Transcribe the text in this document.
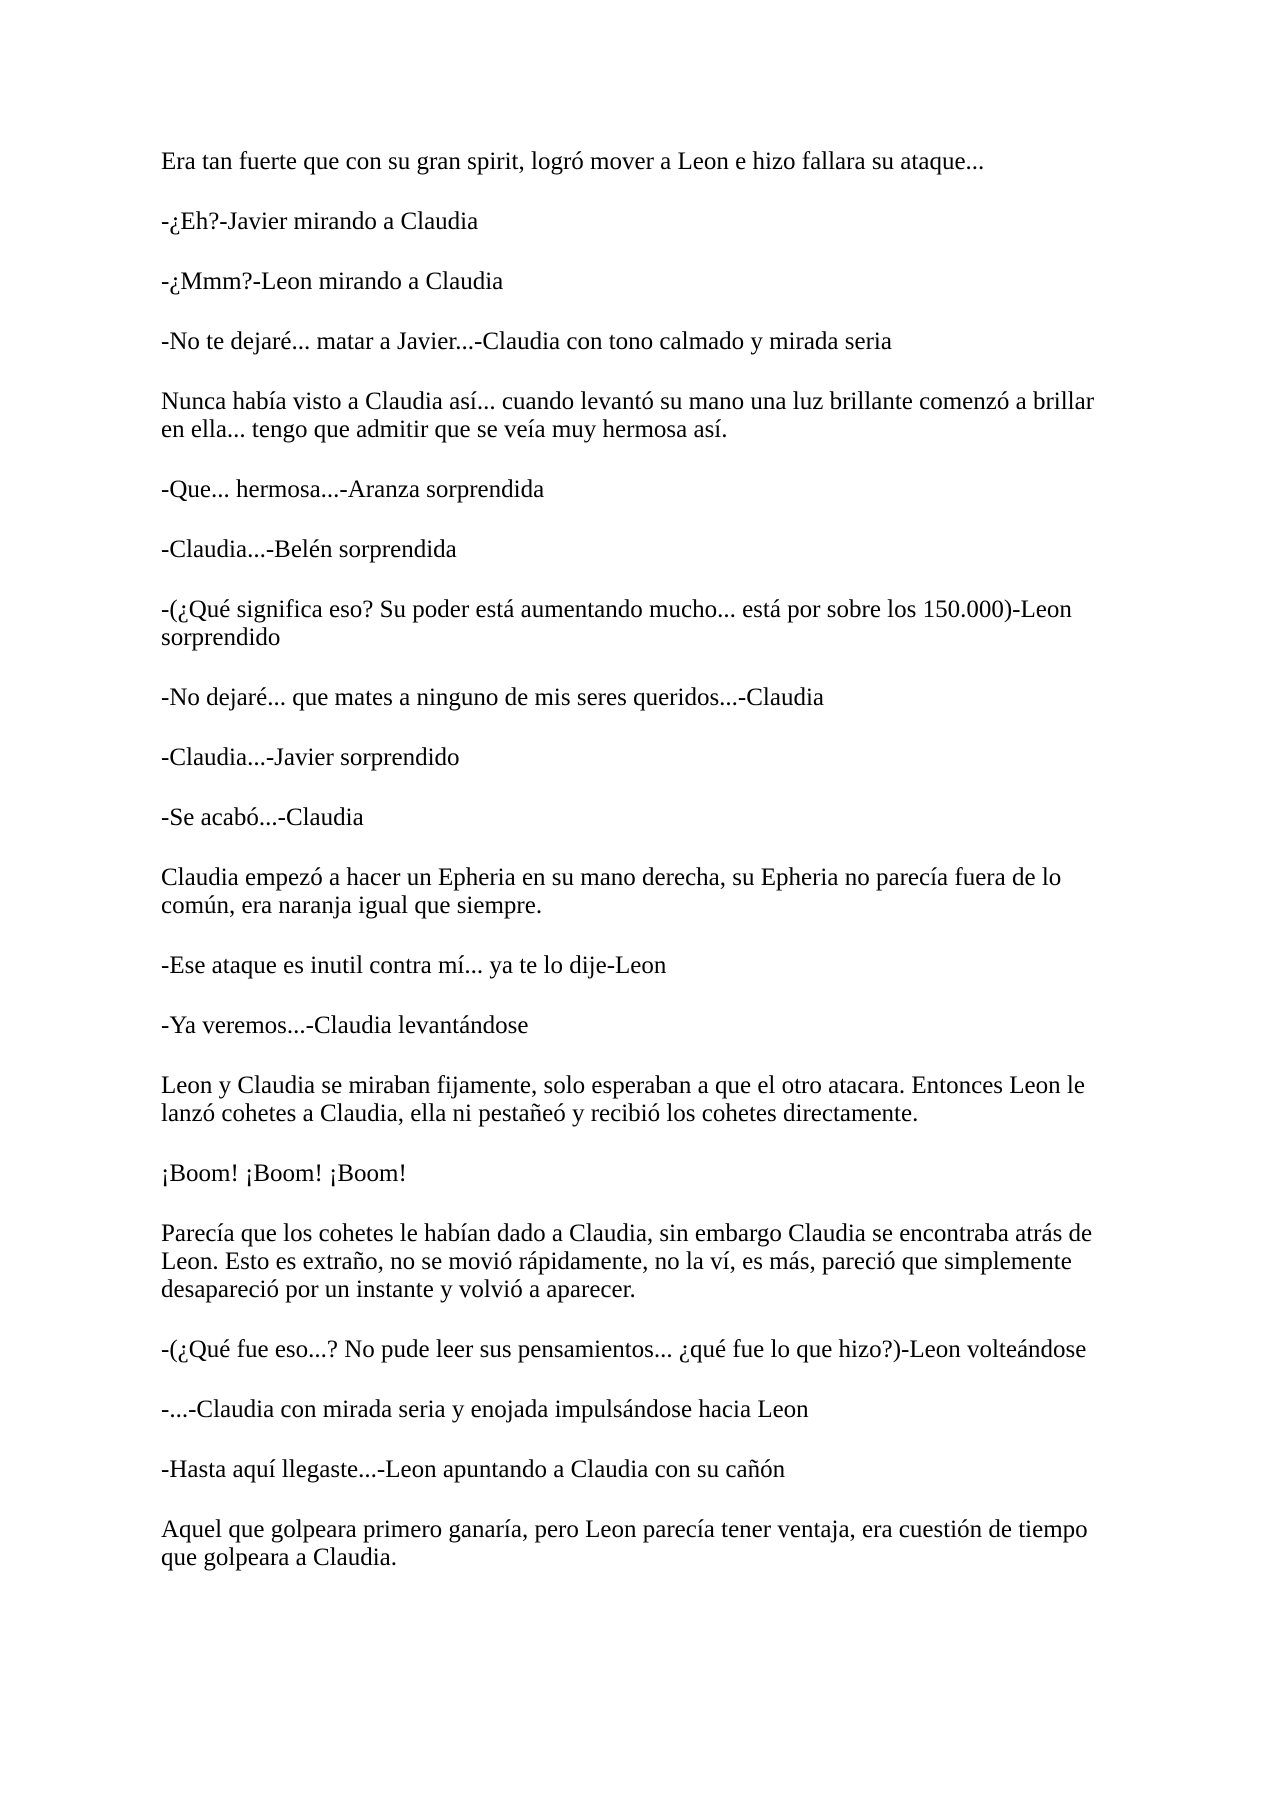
Era tan fuerte que con su gran spirit, logró mover a Leon e hizo fallara su ataque...

-¿Eh?-Javier mirando a Claudia

-¿Mmm?-Leon mirando a Claudia

-No te dejaré... matar a Javier...-Claudia con tono calmado y mirada seria

Nunca había visto a Claudia así... cuando levantó su mano una luz brillante comenzó a brillar en ella... tengo que admitir que se veía muy hermosa así.

-Que... hermosa...-Aranza sorprendida

-Claudia...-Belén sorprendida

-(¿Qué significa eso? Su poder está aumentando mucho... está por sobre los 150.000)-Leon sorprendido

-No dejaré... que mates a ninguno de mis seres queridos...-Claudia

-Claudia...-Javier sorprendido

-Se acabó...-Claudia

Claudia empezó a hacer un Epheria en su mano derecha, su Epheria no parecía fuera de lo común, era naranja igual que siempre.

-Ese ataque es inutil contra mí... ya te lo dije-Leon

-Ya veremos...-Claudia levantándose

Leon y Claudia se miraban fijamente, solo esperaban a que el otro atacara. Entonces Leon le lanzó cohetes a Claudia, ella ni pestañeó y recibió los cohetes directamente.

¡Boom! ¡Boom! ¡Boom!

Parecía que los cohetes le habían dado a Claudia, sin embargo Claudia se encontraba atrás de Leon. Esto es extraño, no se movió rápidamente, no la ví, es más, pareció que simplemente desapareció por un instante y volvió a aparecer.

-(¿Qué fue eso...? No pude leer sus pensamientos... ¿qué fue lo que hizo?)-Leon volteándose

-...-Claudia con mirada seria y enojada impulsándose hacia Leon

-Hasta aquí llegaste...-Leon apuntando a Claudia con su cañón

Aquel que golpeara primero ganaría, pero Leon parecía tener ventaja, era cuestión de tiempo que golpeara a Claudia.
